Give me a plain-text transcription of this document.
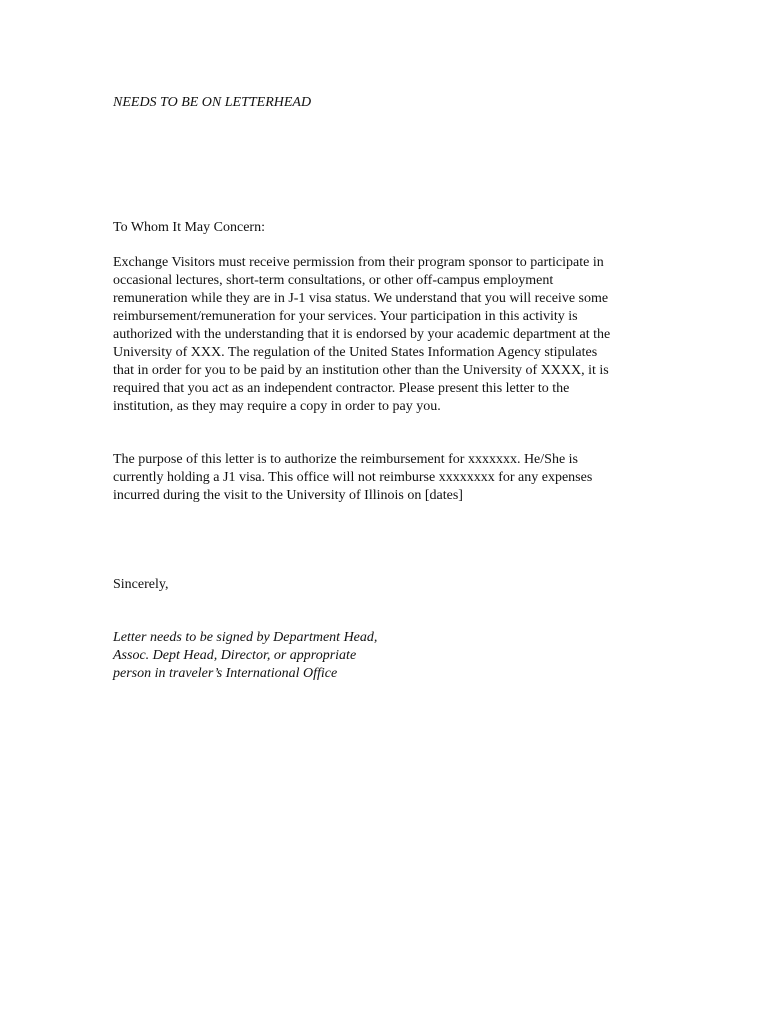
NEEDS TO BE ON LETTERHEAD
To Whom It May Concern:
Exchange Visitors must receive permission from their program sponsor to participate in
occasional lectures, short-term consultations, or other off-campus employment
remuneration while they are in J-1 visa status. We understand that you will receive some
reimbursement/remuneration for your services. Your participation in this activity is
authorized with the understanding that it is endorsed by your academic department at the
University of XXX. The regulation of the United States Information Agency stipulates
that in order for you to be paid by an institution other than the University of XXXX, it is
required that you act as an independent contractor. Please present this letter to the
institution, as they may require a copy in order to pay you.
The purpose of this letter is to authorize the reimbursement for xxxxxxx. He/She is
currently holding a J1 visa. This office will not reimburse xxxxxxxx for any expenses
incurred during the visit to the University of Illinois on [dates]
Sincerely,
Letter needs to be signed by Department Head,
Assoc. Dept Head, Director, or appropriate
person in traveler’s International Office
